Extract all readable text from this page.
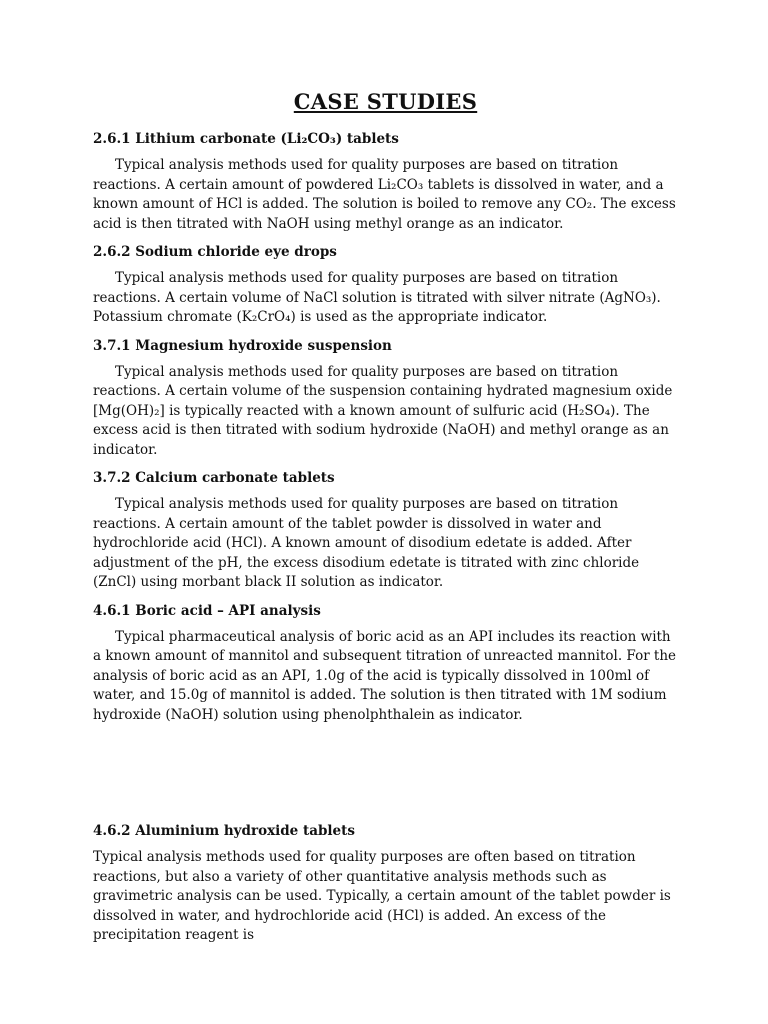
CASE STUDIES
2.6.1 Lithium carbonate (Li₂CO₃) tablets

Typical analysis methods used for quality purposes are based on titration reactions. A certain amount of powdered Li₂CO₃ tablets is dissolved in water, and a known amount of HCl is added. The solution is boiled to remove any CO₂. The excess acid is then titrated with NaOH using methyl orange as an indicator.

2.6.2 Sodium chloride eye drops

Typical analysis methods used for quality purposes are based on titration reactions. A certain volume of NaCl solution is titrated with silver nitrate (AgNO₃). Potassium chromate (K₂CrO₄) is used as the appropriate indicator.

3.7.1 Magnesium hydroxide suspension

Typical analysis methods used for quality purposes are based on titration reactions. A certain volume of the suspension containing hydrated magnesium oxide [Mg(OH)₂] is typically reacted with a known amount of sulfuric acid (H₂SO₄). The excess acid is then titrated with sodium hydroxide (NaOH) and methyl orange as an indicator.

3.7.2 Calcium carbonate tablets

Typical analysis methods used for quality purposes are based on titration reactions. A certain amount of the tablet powder is dissolved in water and hydrochloride acid (HCl). A known amount of disodium edetate is added. After adjustment of the pH, the excess disodium edetate is titrated with zinc chloride (ZnCl) using morbant black II solution as indicator.

4.6.1 Boric acid – API analysis

Typical pharmaceutical analysis of boric acid as an API includes its reaction with a known amount of mannitol and subsequent titration of unreacted mannitol. For the analysis of boric acid as an API, 1.0g of the acid is typically dissolved in 100ml of water, and 15.0g of mannitol is added. The solution is then titrated with 1M sodium hydroxide (NaOH) solution using phenolphthalein as indicator.

4.6.2 Aluminium hydroxide tablets

Typical analysis methods used for quality purposes are often based on titration reactions, but also a variety of other quantitative analysis methods such as gravimetric analysis can be used. Typically, a certain amount of the tablet powder is dissolved in water, and hydrochloride acid (HCl) is added. An excess of the precipitation reagent is
